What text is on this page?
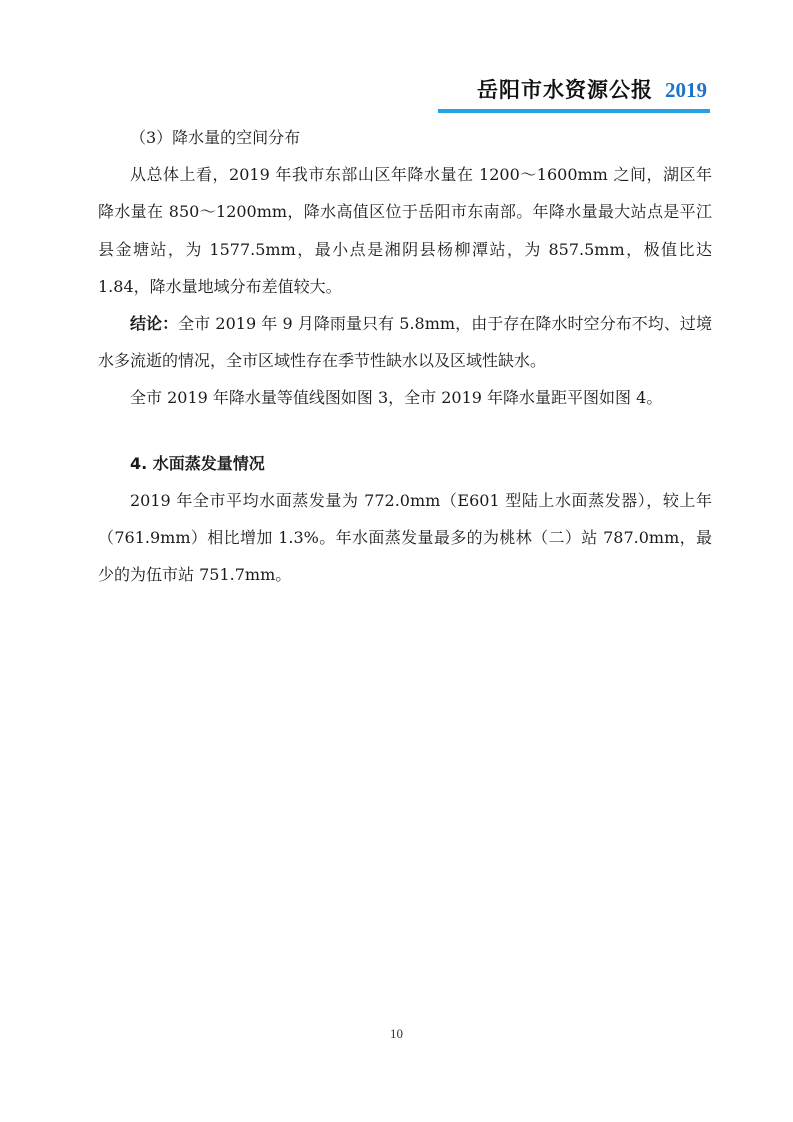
岳阳市水资源公报 2019

（3）降水量的空间分布

从总体上看，2019 年我市东部山区年降水量在 1200～1600mm 之间，湖区年降水量在 850～1200mm，降水高值区位于岳阳市东南部。年降水量最大站点是平江县金塘站，为 1577.5mm，最小点是湘阴县杨柳潭站，为 857.5mm，极值比达 1.84，降水量地域分布差值较大。

结论：全市 2019 年 9 月降雨量只有 5.8mm，由于存在降水时空分布不均、过境水多流逝的情况，全市区域性存在季节性缺水以及区域性缺水。

全市 2019 年降水量等值线图如图 3，全市 2019 年降水量距平图如图 4。

4. 水面蒸发量情况

2019 年全市平均水面蒸发量为 772.0mm（E601 型陆上水面蒸发器），较上年（761.9mm）相比增加 1.3%。年水面蒸发量最多的为桃林（二）站 787.0mm，最少的为伍市站 751.7mm。

10
